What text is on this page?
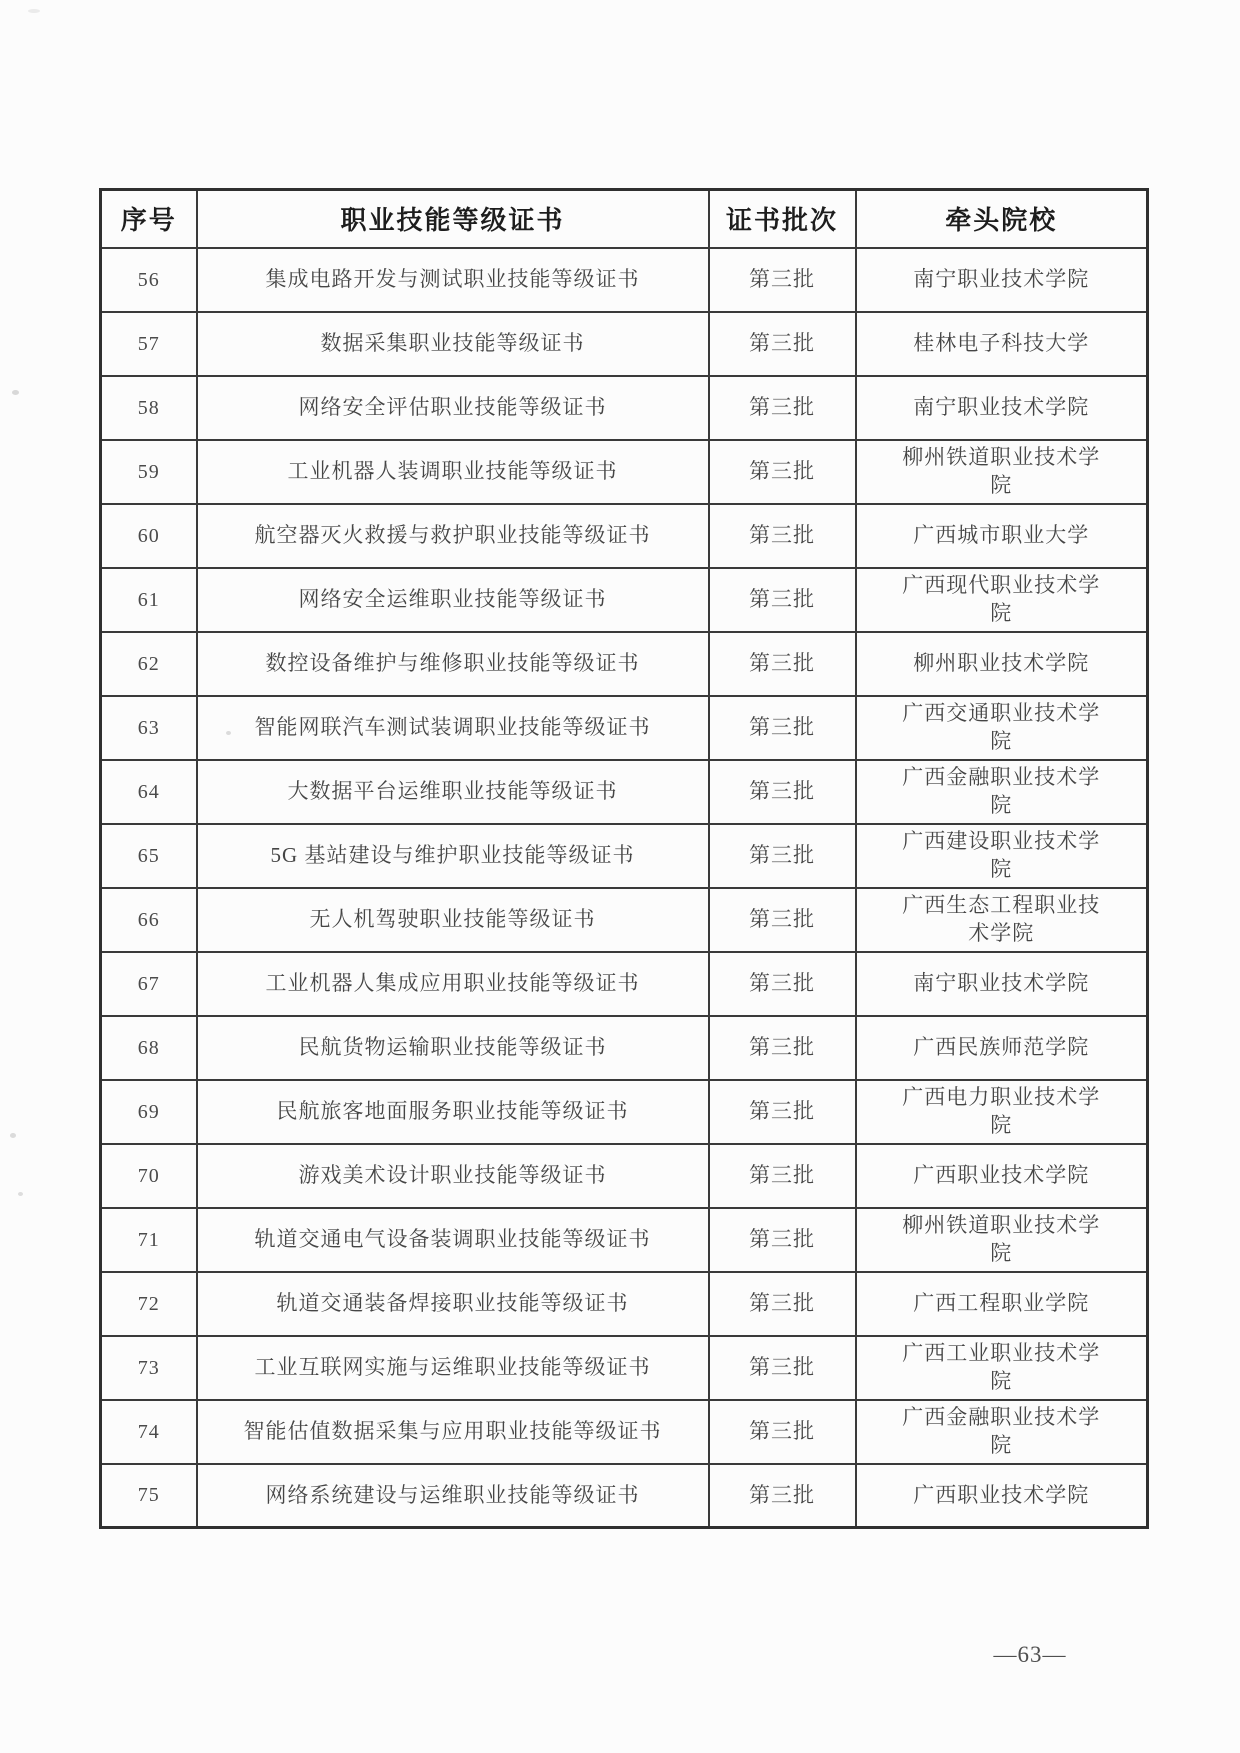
序号	职业技能等级证书	证书批次	牵头院校
56	集成电路开发与测试职业技能等级证书	第三批	南宁职业技术学院
57	数据采集职业技能等级证书	第三批	桂林电子科技大学
58	网络安全评估职业技能等级证书	第三批	南宁职业技术学院
59	工业机器人装调职业技能等级证书	第三批	柳州铁道职业技术学院
60	航空器灭火救援与救护职业技能等级证书	第三批	广西城市职业大学
61	网络安全运维职业技能等级证书	第三批	广西现代职业技术学院
62	数控设备维护与维修职业技能等级证书	第三批	柳州职业技术学院
63	智能网联汽车测试装调职业技能等级证书	第三批	广西交通职业技术学院
64	大数据平台运维职业技能等级证书	第三批	广西金融职业技术学院
65	5G 基站建设与维护职业技能等级证书	第三批	广西建设职业技术学院
66	无人机驾驶职业技能等级证书	第三批	广西生态工程职业技术学院
67	工业机器人集成应用职业技能等级证书	第三批	南宁职业技术学院
68	民航货物运输职业技能等级证书	第三批	广西民族师范学院
69	民航旅客地面服务职业技能等级证书	第三批	广西电力职业技术学院
70	游戏美术设计职业技能等级证书	第三批	广西职业技术学院
71	轨道交通电气设备装调职业技能等级证书	第三批	柳州铁道职业技术学院
72	轨道交通装备焊接职业技能等级证书	第三批	广西工程职业学院
73	工业互联网实施与运维职业技能等级证书	第三批	广西工业职业技术学院
74	智能估值数据采集与应用职业技能等级证书	第三批	广西金融职业技术学院
75	网络系统建设与运维职业技能等级证书	第三批	广西职业技术学院
—63—
